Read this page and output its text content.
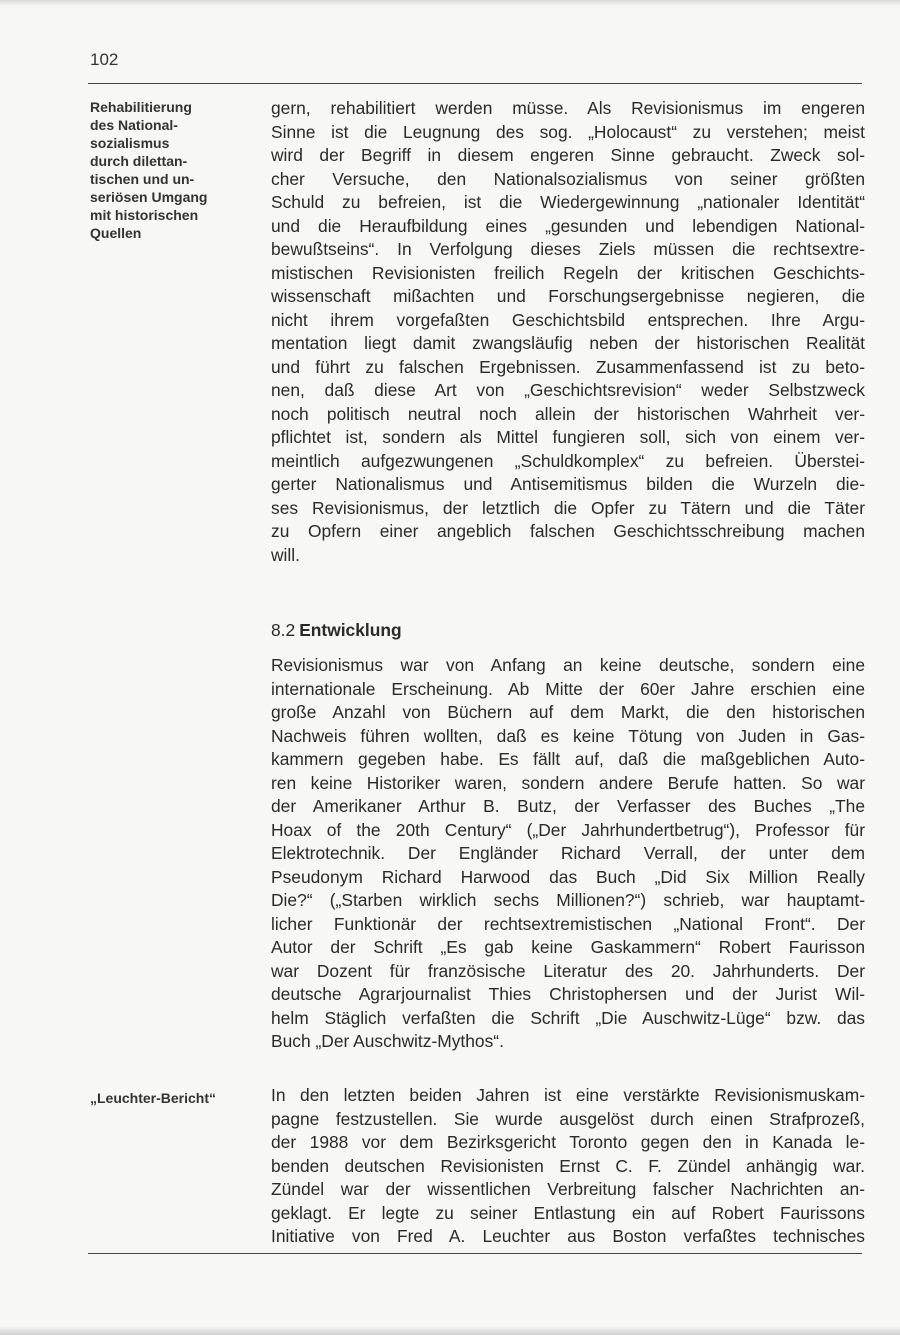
102
Rehabilitierung
des National-
sozialismus
durch dilettan-
tischen und un-
seriösen Umgang
mit historischen
Quellen
gern, rehabilitiert werden müsse. Als Revisionismus im engeren
Sinne ist die Leugnung des sog. „Holocaust“ zu verstehen; meist
wird der Begriff in diesem engeren Sinne gebraucht. Zweck sol-
cher Versuche, den Nationalsozialismus von seiner größten
Schuld zu befreien, ist die Wiedergewinnung „nationaler Identität“
und die Heraufbildung eines „gesunden und lebendigen National-
bewußtseins“. In Verfolgung dieses Ziels müssen die rechtsextre-
mistischen Revisionisten freilich Regeln der kritischen Geschichts-
wissenschaft mißachten und Forschungsergebnisse negieren, die
nicht ihrem vorgefaßten Geschichtsbild entsprechen. Ihre Argu-
mentation liegt damit zwangsläufig neben der historischen Realität
und führt zu falschen Ergebnissen. Zusammenfassend ist zu beto-
nen, daß diese Art von „Geschichtsrevision“ weder Selbstzweck
noch politisch neutral noch allein der historischen Wahrheit ver-
pflichtet ist, sondern als Mittel fungieren soll, sich von einem ver-
meintlich aufgezwungenen „Schuldkomplex“ zu befreien. Überstei-
gerter Nationalismus und Antisemitismus bilden die Wurzeln die-
ses Revisionismus, der letztlich die Opfer zu Tätern und die Täter
zu Opfern einer angeblich falschen Geschichtsschreibung machen
will.
8.2 Entwicklung
Revisionismus war von Anfang an keine deutsche, sondern eine
internationale Erscheinung. Ab Mitte der 60er Jahre erschien eine
große Anzahl von Büchern auf dem Markt, die den historischen
Nachweis führen wollten, daß es keine Tötung von Juden in Gas-
kammern gegeben habe. Es fällt auf, daß die maßgeblichen Auto-
ren keine Historiker waren, sondern andere Berufe hatten. So war
der Amerikaner Arthur B. Butz, der Verfasser des Buches „The
Hoax of the 20th Century“ („Der Jahrhundertbetrug“), Professor für
Elektrotechnik. Der Engländer Richard Verrall, der unter dem
Pseudonym Richard Harwood das Buch „Did Six Million Really
Die?“ („Starben wirklich sechs Millionen?“) schrieb, war hauptamt-
licher Funktionär der rechtsextremistischen „National Front“. Der
Autor der Schrift „Es gab keine Gaskammern“ Robert Faurisson
war Dozent für französische Literatur des 20. Jahrhunderts. Der
deutsche Agrarjournalist Thies Christophersen und der Jurist Wil-
helm Stäglich verfaßten die Schrift „Die Auschwitz-Lüge“ bzw. das
Buch „Der Auschwitz-Mythos“.
„Leuchter-Bericht“	In den letzten beiden Jahren ist eine verstärkte Revisionismuskam-
pagne festzustellen. Sie wurde ausgelöst durch einen Strafprozeß,
der 1988 vor dem Bezirksgericht Toronto gegen den in Kanada le-
benden deutschen Revisionisten Ernst C. F. Zündel anhängig war.
Zündel war der wissentlichen Verbreitung falscher Nachrichten an-
geklagt. Er legte zu seiner Entlastung ein auf Robert Faurissons
Initiative von Fred A. Leuchter aus Boston verfaßtes technisches
